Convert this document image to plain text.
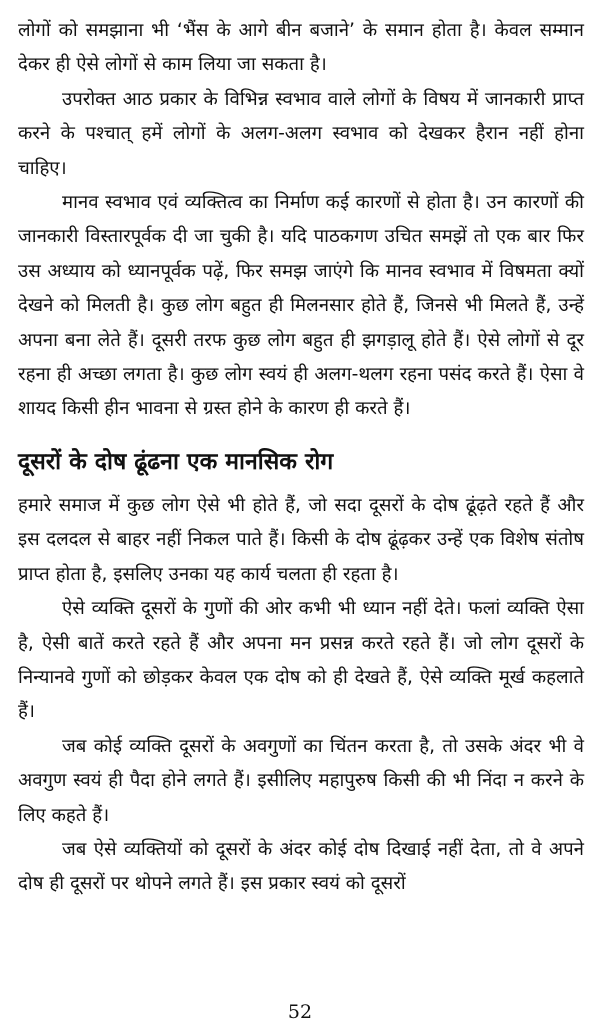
लोगों को समझाना भी ‘भैंस के आगे बीन बजाने’ के समान होता है। केवल सम्मान देकर ही ऐसे लोगों से काम लिया जा सकता है।

उपरोक्त आठ प्रकार के विभिन्न स्वभाव वाले लोगों के विषय में जानकारी प्राप्त करने के पश्चात् हमें लोगों के अलग-अलग स्वभाव को देखकर हैरान नहीं होना चाहिए।

मानव स्वभाव एवं व्यक्तित्व का निर्माण कई कारणों से होता है। उन कारणों की जानकारी विस्तारपूर्वक दी जा चुकी है। यदि पाठकगण उचित समझें तो एक बार फिर उस अध्याय को ध्यानपूर्वक पढ़ें, फिर समझ जाएंगे कि मानव स्वभाव में विषमता क्यों देखने को मिलती है। कुछ लोग बहुत ही मिलनसार होते हैं, जिनसे भी मिलते हैं, उन्हें अपना बना लेते हैं। दूसरी तरफ कुछ लोग बहुत ही झगड़ालू होते हैं। ऐसे लोगों से दूर रहना ही अच्छा लगता है। कुछ लोग स्वयं ही अलग-थलग रहना पसंद करते हैं। ऐसा वे शायद किसी हीन भावना से ग्रस्त होने के कारण ही करते हैं।

दूसरों के दोष ढूंढना एक मानसिक रोग

हमारे समाज में कुछ लोग ऐसे भी होते हैं, जो सदा दूसरों के दोष ढूंढ़ते रहते हैं और इस दलदल से बाहर नहीं निकल पाते हैं। किसी के दोष ढूंढ़कर उन्हें एक विशेष संतोष प्राप्त होता है, इसलिए उनका यह कार्य चलता ही रहता है।

ऐसे व्यक्ति दूसरों के गुणों की ओर कभी भी ध्यान नहीं देते। फलां व्यक्ति ऐसा है, ऐसी बातें करते रहते हैं और अपना मन प्रसन्न करते रहते हैं। जो लोग दूसरों के निन्यानवे गुणों को छोड़कर केवल एक दोष को ही देखते हैं, ऐसे व्यक्ति मूर्ख कहलाते हैं।

जब कोई व्यक्ति दूसरों के अवगुणों का चिंतन करता है, तो उसके अंदर भी वे अवगुण स्वयं ही पैदा होने लगते हैं। इसीलिए महापुरुष किसी की भी निंदा न करने के लिए कहते हैं।

जब ऐसे व्यक्तियों को दूसरों के अंदर कोई दोष दिखाई नहीं देता, तो वे अपने दोष ही दूसरों पर थोपने लगते हैं। इस प्रकार स्वयं को दूसरों

52
